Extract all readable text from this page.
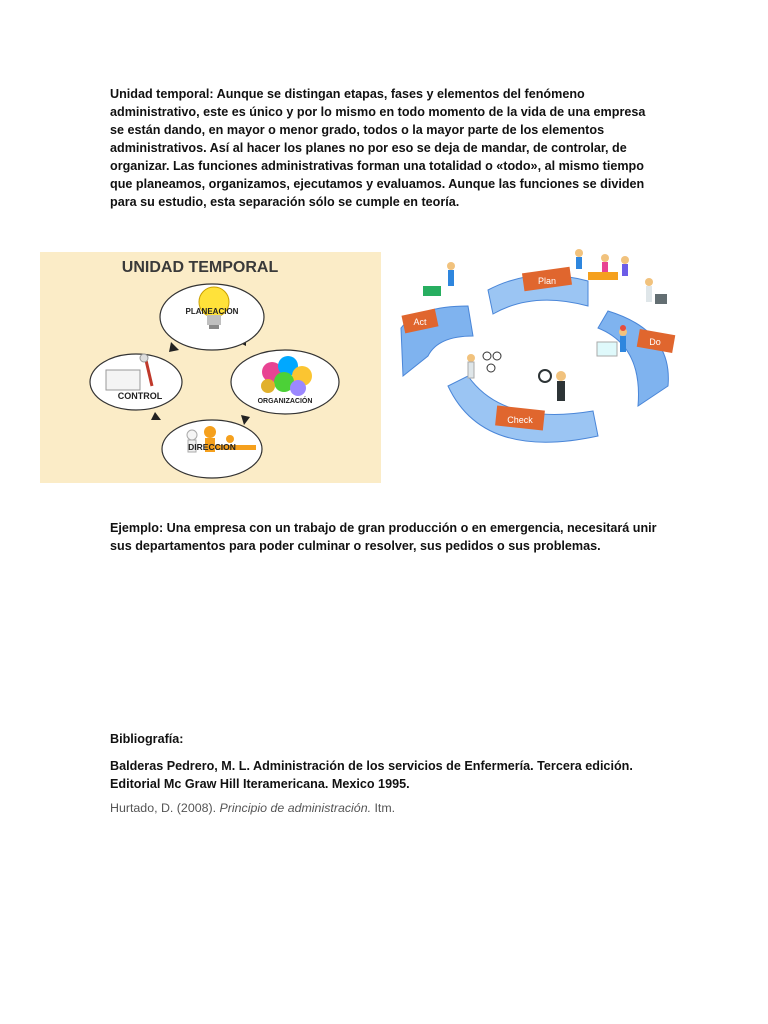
Unidad temporal: Aunque se distingan etapas, fases y elementos del fenómeno administrativo, este es único y por lo mismo en todo momento de la vida de una empresa se están dando, en mayor o menor grado, todos o la mayor parte de los elementos administrativos. Así al hacer los planes no por eso se deja de mandar, de controlar, de organizar. Las funciones administrativas forman una totalidad o «todo», al mismo tiempo que planeamos, organizamos, ejecutamos y evaluamos. Aunque las funciones se dividen para su estudio, esta separación sólo se cumple en teoría.

UNIDAD TEMPORAL
PLANEACION
CONTROL
ORGANIZACIÓN
DIRECCION
Plan
Do
Check
Act

Ejemplo: Una empresa con un trabajo de gran producción o en emergencia, necesitará unir sus departamentos para poder culminar o resolver, sus pedidos o sus problemas.

Bibliografía:

Balderas Pedrero, M. L. Administración de los servicios de Enfermería. Tercera edición. Editorial Mc Graw Hill Iteramericana. Mexico 1995.

Hurtado, D. (2008). Principio de administración. Itm.
